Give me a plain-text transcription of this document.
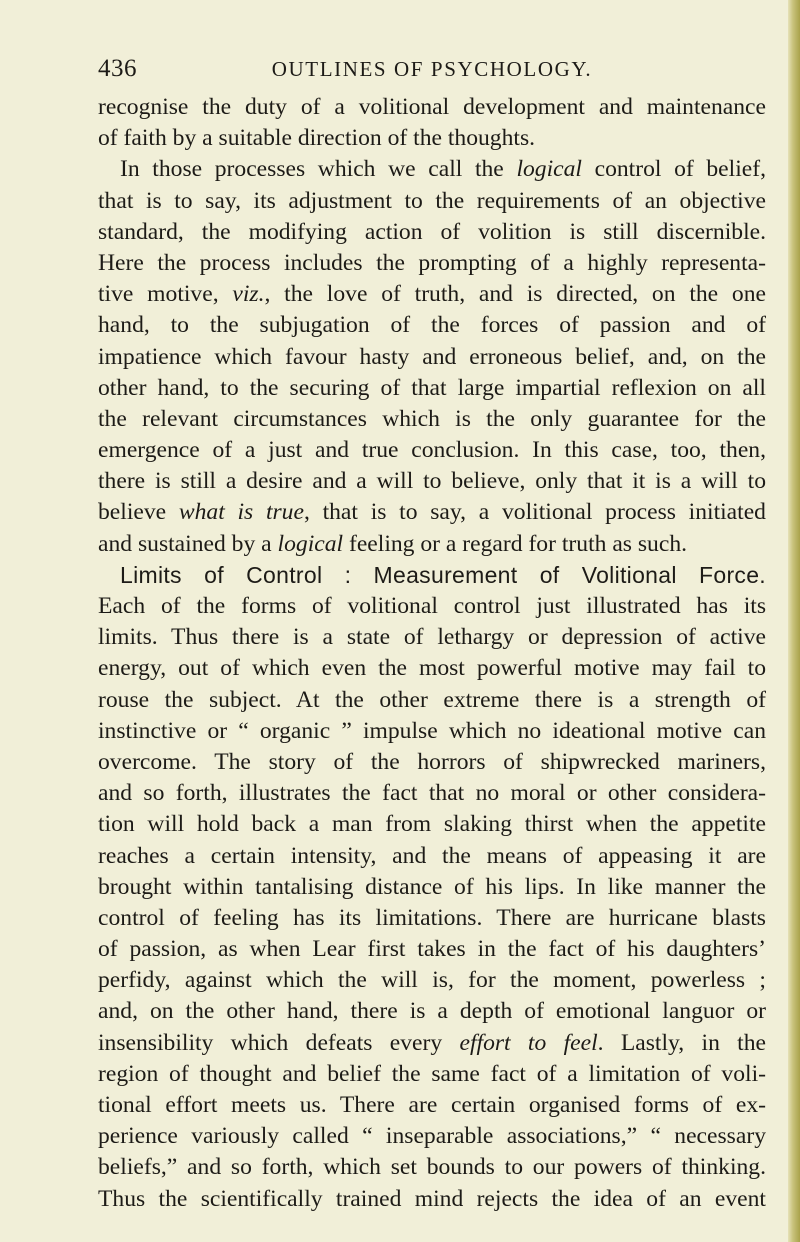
436	OUTLINES OF PSYCHOLOGY.
recognise the duty of a volitional development and maintenance
of faith by a suitable direction of the thoughts.
In those processes which we call the logical control of belief,
that is to say, its adjustment to the requirements of an objective
standard, the modifying action of volition is still discernible.
Here the process includes the prompting of a highly representa-
tive motive, viz., the love of truth, and is directed, on the one
hand, to the subjugation of the forces of passion and of
impatience which favour hasty and erroneous belief, and, on the
other hand, to the securing of that large impartial reflexion on all
the relevant circumstances which is the only guarantee for the
emergence of a just and true conclusion. In this case, too, then,
there is still a desire and a will to believe, only that it is a will to
believe what is true, that is to say, a volitional process initiated
and sustained by a logical feeling or a regard for truth as such.
Limits of Control : Measurement of Volitional Force.
Each of the forms of volitional control just illustrated has its
limits. Thus there is a state of lethargy or depression of active
energy, out of which even the most powerful motive may fail to
rouse the subject. At the other extreme there is a strength of
instinctive or “ organic ” impulse which no ideational motive can
overcome. The story of the horrors of shipwrecked mariners,
and so forth, illustrates the fact that no moral or other considera-
tion will hold back a man from slaking thirst when the appetite
reaches a certain intensity, and the means of appeasing it are
brought within tantalising distance of his lips. In like manner the
control of feeling has its limitations. There are hurricane blasts
of passion, as when Lear first takes in the fact of his daughters’
perfidy, against which the will is, for the moment, powerless ;
and, on the other hand, there is a depth of emotional languor or
insensibility which defeats every effort to feel. Lastly, in the
region of thought and belief the same fact of a limitation of voli-
tional effort meets us. There are certain organised forms of ex-
perience variously called “ inseparable associations,” “ necessary
beliefs,” and so forth, which set bounds to our powers of thinking.
Thus the scientifically trained mind rejects the idea of an event
